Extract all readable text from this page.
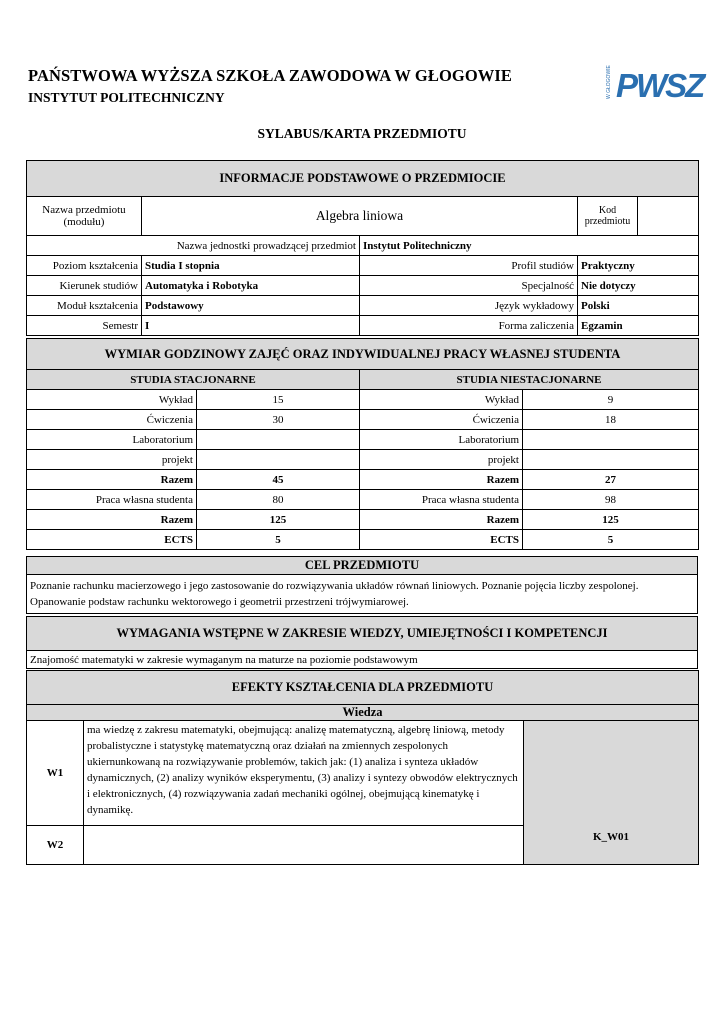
PAŃSTWOWA WYŻSZA SZKOŁA ZAWODOWA W GŁOGOWIE
INSTYTUT POLITECHNICZNY	W GŁOGOWIE PWSZ
SYLABUS/KARTA PRZEDMIOTU
INFORMACJE PODSTAWOWE O PRZEDMIOCIE				
Nazwa przedmiotu (modułu)	Algebra liniowa		Kod przedmiotu	
Nazwa jednostki prowadzącej przedmiot		Instytut Politechniczny		
Poziom kształcenia	Studia I stopnia	Profil studiów	Praktyczny	
Kierunek studiów	Automatyka i Robotyka	Specjalność	Nie dotyczy	
Moduł kształcenia	Podstawowy	Język wykładowy	Polski	
Semestr	I	Forma zaliczenia	Egzamin	
WYMIAR GODZINOWY ZAJĘĆ ORAZ INDYWIDUALNEJ PRACY WŁASNEJ STUDENTA			
STUDIA STACJONARNE		STUDIA NIESTACJONARNE	
Wykład	15	Wykład	9
Ćwiczenia	30	Ćwiczenia	18
Laboratorium		Laboratorium	
projekt		projekt	
Razem	45	Razem	27
Praca własna studenta	80	Praca własna studenta	98
Razem	125	Razem	125
ECTS	5	ECTS	5
CEL PRZEDMIOTU
Poznanie rachunku macierzowego i jego zastosowanie do rozwiązywania układów równań liniowych. Poznanie pojęcia liczby zespolonej. Opanowanie podstaw rachunku wektorowego i geometrii przestrzeni trójwymiarowej.
WYMAGANIA WSTĘPNE W ZAKRESIE WIEDZY, UMIEJĘTNOŚCI I KOMPETENCJI
Znajomość matematyki w zakresie wymaganym na maturze na poziomie podstawowym
EFEKTY KSZTAŁCENIA DLA PRZEDMIOTU		
Wiedza		
W1	ma wiedzę z zakresu matematyki, obejmującą: analizę matematyczną, algebrę liniową, metody probalistyczne i statystykę matematyczną oraz działań na zmiennych zespolonych ukiernunkowaną na rozwiązywanie problemów, takich jak: (1) analiza i synteza układów dynamicznych, (2) analizy wyników eksperymentu, (3) analizy i syntezy obwodów elektrycznych i elektronicznych, (4) rozwiązywania zadań mechaniki ogólnej, obejmującą kinematykę i dynamikę.	K_W01
W2		
